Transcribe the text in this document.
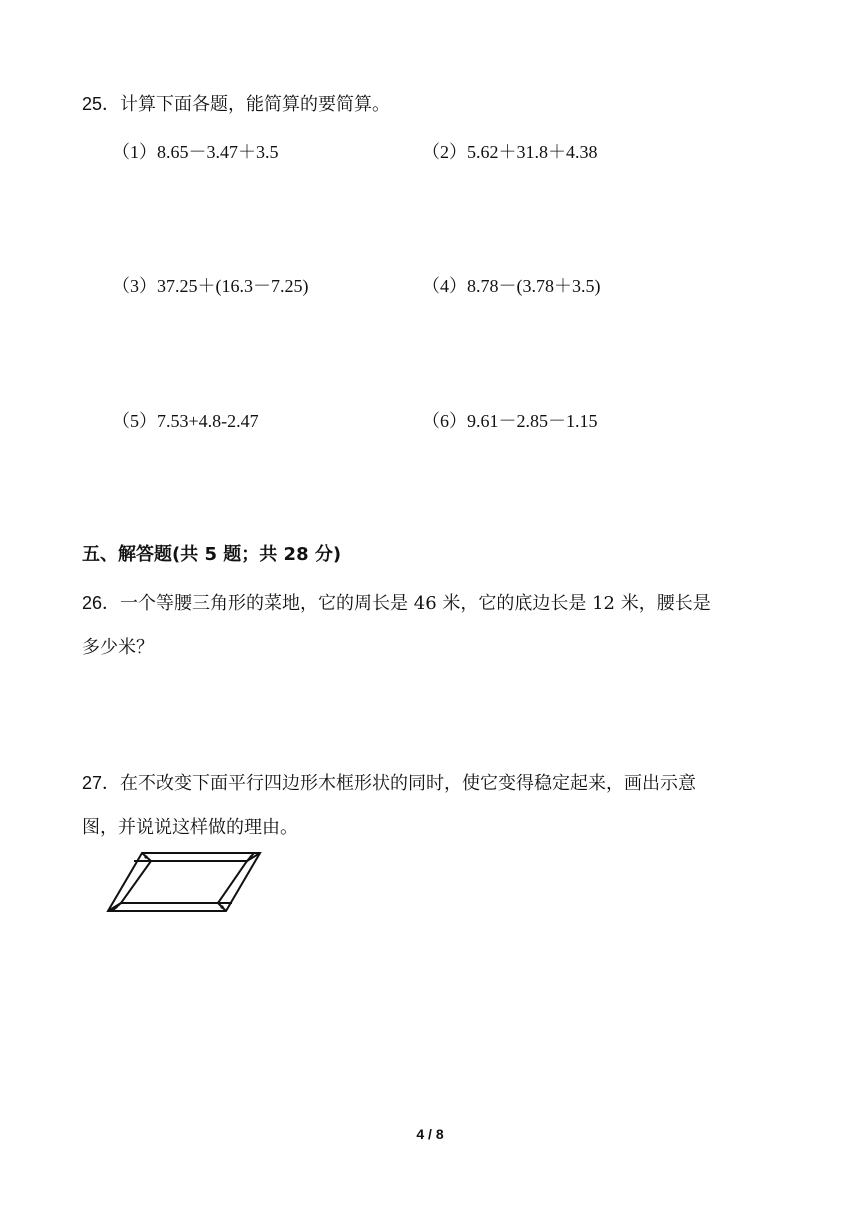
25．计算下面各题，能简算的要简算。
（1）8.65－3.47＋3.5	（2）5.62＋31.8＋4.38
（3）37.25＋(16.3－7.25)	（4）8.78－(3.78＋3.5)
（5）7.53+4.8-2.47	（6）9.61－2.85－1.15
五、解答题(共 5 题；共 28 分)
26．一个等腰三角形的菜地，它的周长是 46 米，它的底边长是 12 米，腰长是
多少米？
27．在不改变下面平行四边形木框形状的同时，使它变得稳定起来，画出示意
图，并说说这样做的理由。
4 / 8
